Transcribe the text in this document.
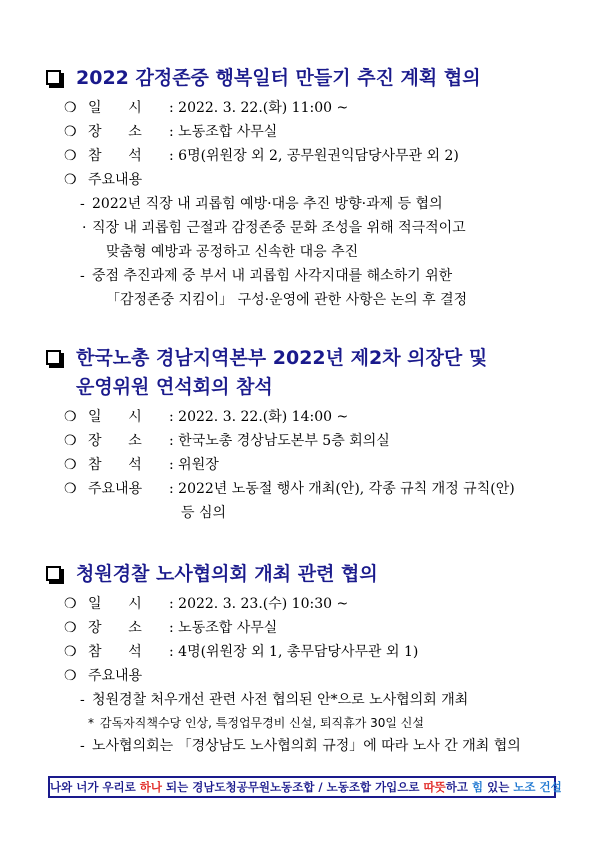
2022 감정존중 행복일터 만들기 추진 계획 협의
❍ 일      시 : 2022. 3. 22.(화) 11:00 ~
❍ 장      소 : 노동조합 사무실
❍ 참      석 : 6명(위원장 외 2, 공무원권익담당사무관 외 2)
❍ 주요내용
- 2022년 직장 내 괴롭힘 예방·대응 추진 방향·과제 등 협의
· 직장 내 괴롭힘 근절과 감정존중 문화 조성을 위해 적극적이고
맞춤형 예방과 공정하고 신속한 대응 추진
- 중점 추진과제 중 부서 내 괴롭힘 사각지대를 해소하기 위한
「감정존중 지킴이」 구성·운영에 관한 사항은 논의 후 결정
한국노총 경남지역본부 2022년 제2차 의장단 및
운영위원 연석회의 참석
❍ 일      시 : 2022. 3. 22.(화) 14:00 ~
❍ 장      소 : 한국노총 경상남도본부 5층 회의실
❍ 참      석 : 위원장
❍ 주요내용 : 2022년 노동절 행사 개최(안), 각종 규칙 개정 규칙(안)
등 심의
청원경찰 노사협의회 개최 관련 협의
❍ 일      시 : 2022. 3. 23.(수) 10:30 ~
❍ 장      소 : 노동조합 사무실
❍ 참      석 : 4명(위원장 외 1, 총무담당사무관 외 1)
❍ 주요내용
- 청원경찰 처우개선 관련 사전 협의된 안*으로 노사협의회 개최
* 감독자직책수당 인상, 특정업무경비 신설, 퇴직휴가 30일 신설
- 노사협의회는 「경상남도 노사협의회 규정」에 따라 노사 간 개최 협의
나와 너가 우리로 하나 되는 경남도청공무원노동조합 / 노동조합 가입으로 따뜻하고 힘 있는 노조 건설
